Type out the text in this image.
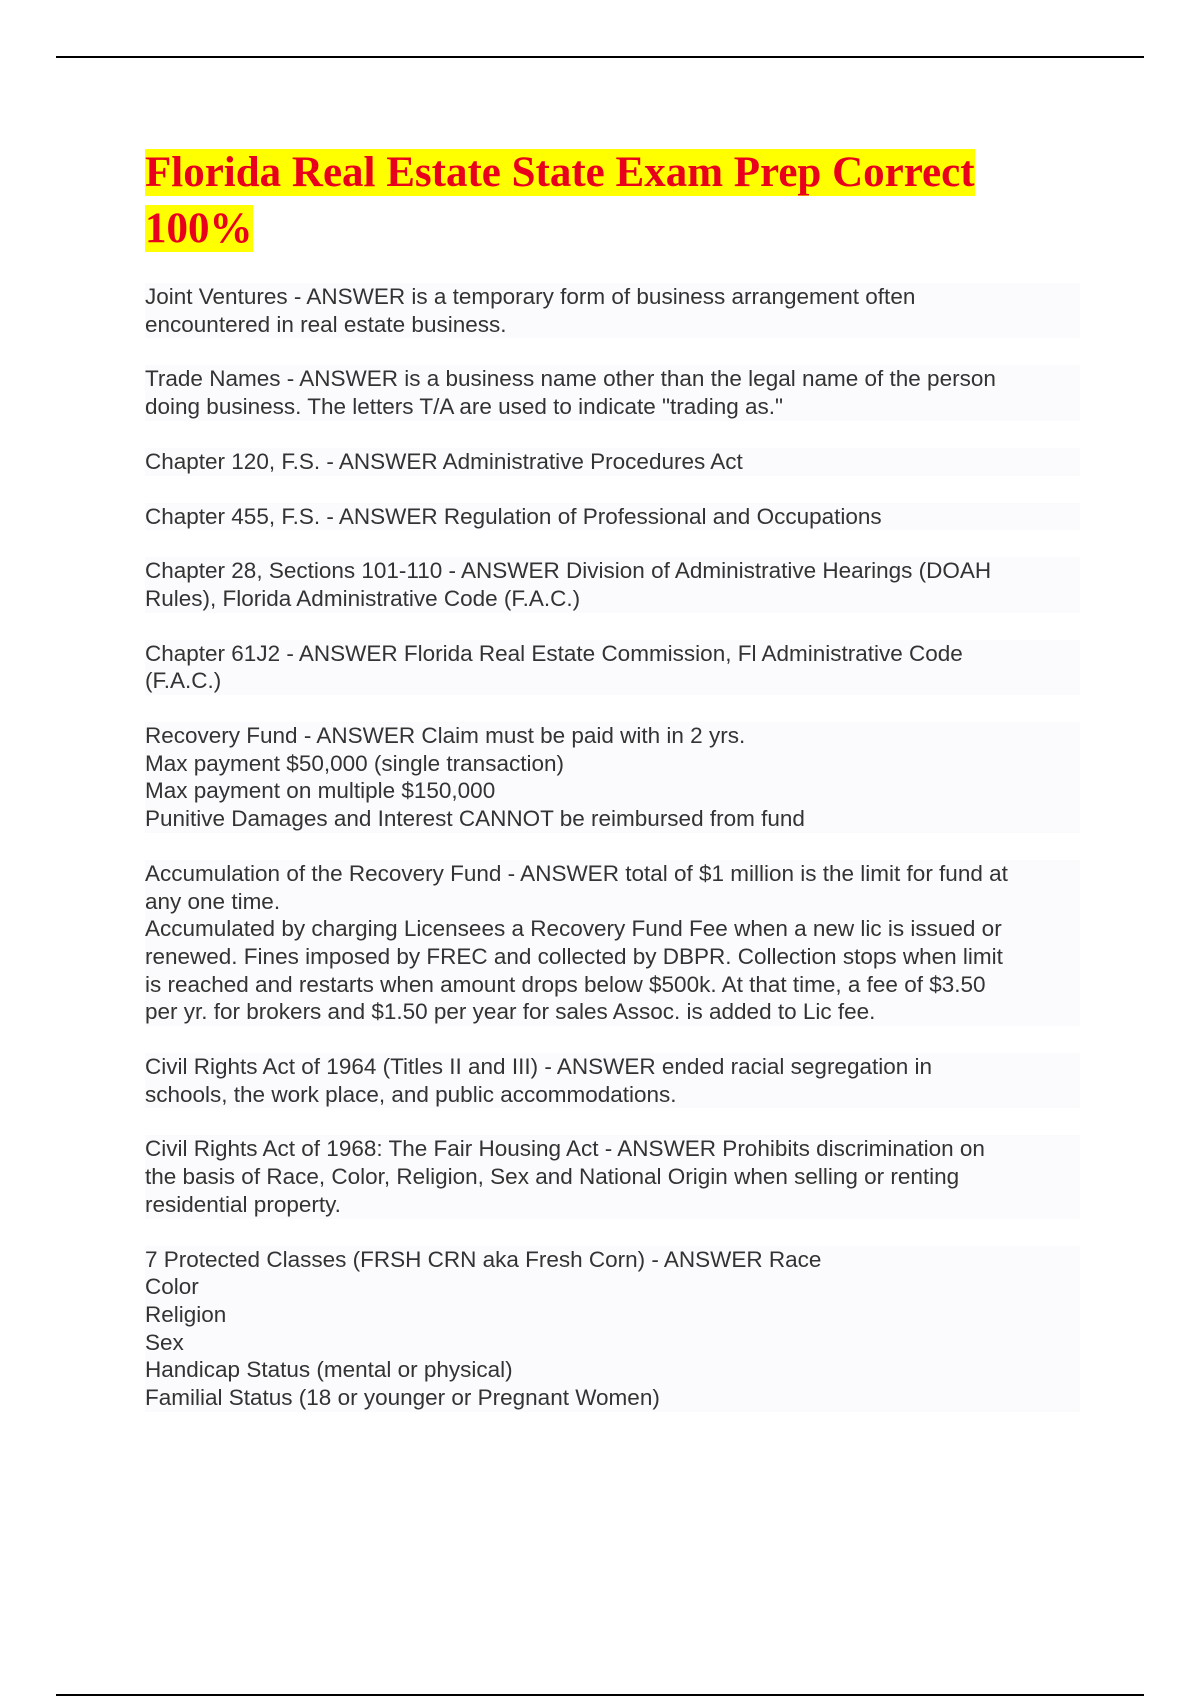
Florida Real Estate State Exam Prep Correct
100%

Joint Ventures - ANSWER is a temporary form of business arrangement often
encountered in real estate business.

Trade Names - ANSWER is a business name other than the legal name of the person
doing business. The letters T/A are used to indicate "trading as."

Chapter 120, F.S. - ANSWER Administrative Procedures Act

Chapter 455, F.S. - ANSWER Regulation of Professional and Occupations

Chapter 28, Sections 101-110 - ANSWER Division of Administrative Hearings (DOAH
Rules), Florida Administrative Code (F.A.C.)

Chapter 61J2 - ANSWER Florida Real Estate Commission, Fl Administrative Code
(F.A.C.)

Recovery Fund - ANSWER Claim must be paid with in 2 yrs.
Max payment $50,000 (single transaction)
Max payment on multiple $150,000
Punitive Damages and Interest CANNOT be reimbursed from fund

Accumulation of the Recovery Fund - ANSWER total of $1 million is the limit for fund at
any one time.
Accumulated by charging Licensees a Recovery Fund Fee when a new lic is issued or
renewed. Fines imposed by FREC and collected by DBPR. Collection stops when limit
is reached and restarts when amount drops below $500k. At that time, a fee of $3.50
per yr. for brokers and $1.50 per year for sales Assoc. is added to Lic fee.

Civil Rights Act of 1964 (Titles II and III) - ANSWER ended racial segregation in
schools, the work place, and public accommodations.

Civil Rights Act of 1968: The Fair Housing Act - ANSWER Prohibits discrimination on
the basis of Race, Color, Religion, Sex and National Origin when selling or renting
residential property.

7 Protected Classes (FRSH CRN aka Fresh Corn) - ANSWER Race
Color
Religion
Sex
Handicap Status (mental or physical)
Familial Status (18 or younger or Pregnant Women)
